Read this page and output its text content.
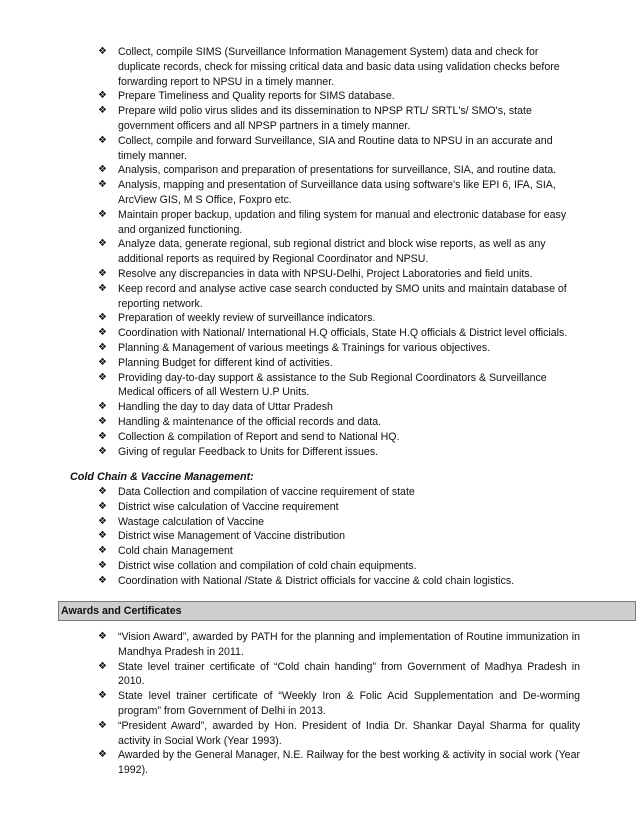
❖	Collect, compile SIMS (Surveillance Information Management System) data and check for duplicate records, check for missing critical data and basic data using validation checks before forwarding report to NPSU in a timely manner.
❖	Prepare Timeliness and Quality reports for SIMS database.
❖	Prepare wild polio virus slides and its dissemination to NPSP RTL/ SRTL's/ SMO's, state government officers and all NPSP partners in a timely manner.
❖	Collect, compile and forward Surveillance, SIA and Routine data to NPSU in an accurate and timely manner.
❖	Analysis, comparison and preparation of presentations for surveillance, SIA, and routine data.
❖	Analysis, mapping and presentation of Surveillance data using software's like EPI 6, IFA, SIA, ArcView GIS, M S Office, Foxpro etc.
❖	Maintain proper backup, updation and filing system for manual and electronic database for easy and organized functioning.
❖	Analyze data, generate regional, sub regional district and block wise reports, as well as any additional reports as required by Regional Coordinator and NPSU.
❖	Resolve any discrepancies in data with NPSU-Delhi, Project Laboratories and field units.
❖	Keep record and analyse active case search conducted by SMO units and maintain database of reporting network.
❖	Preparation of weekly review of surveillance indicators.
❖	Coordination with National/ International H.Q officials, State H.Q officials & District level officials.
❖	Planning & Management of various meetings & Trainings for various objectives.
❖	Planning Budget for different kind of activities.
❖	Providing day-to-day support & assistance to the Sub Regional Coordinators & Surveillance Medical officers of all Western U.P Units.
❖	Handling the day to day data of Uttar Pradesh
❖	Handling & maintenance of the official records and data.
❖	Collection & compilation of Report and send to National HQ.
❖	Giving of regular Feedback to Units for Different issues.
Cold Chain & Vaccine Management:
❖	Data Collection and compilation of vaccine requirement of state
❖	District wise calculation of Vaccine requirement
❖	Wastage calculation of Vaccine
❖	District wise Management of Vaccine distribution
❖	Cold chain Management
❖	District wise collation and compilation of cold chain equipments.
❖	Coordination with National /State & District officials for vaccine & cold chain logistics.
Awards and Certificates
❖	“Vision Award”, awarded by PATH for the planning and implementation of Routine immunization in Mandhya Pradesh in 2011.
❖	State level trainer certificate of “Cold chain handing” from Government of Madhya Pradesh in 2010.
❖	State level trainer certificate of “Weekly Iron & Folic Acid Supplementation and De-worming program” from Government of Delhi in 2013.
❖	“President Award”, awarded by Hon. President of India Dr. Shankar Dayal Sharma for quality activity in Social Work (Year 1993).
❖	Awarded by the General Manager, N.E. Railway for the best working & activity in social work (Year 1992).
